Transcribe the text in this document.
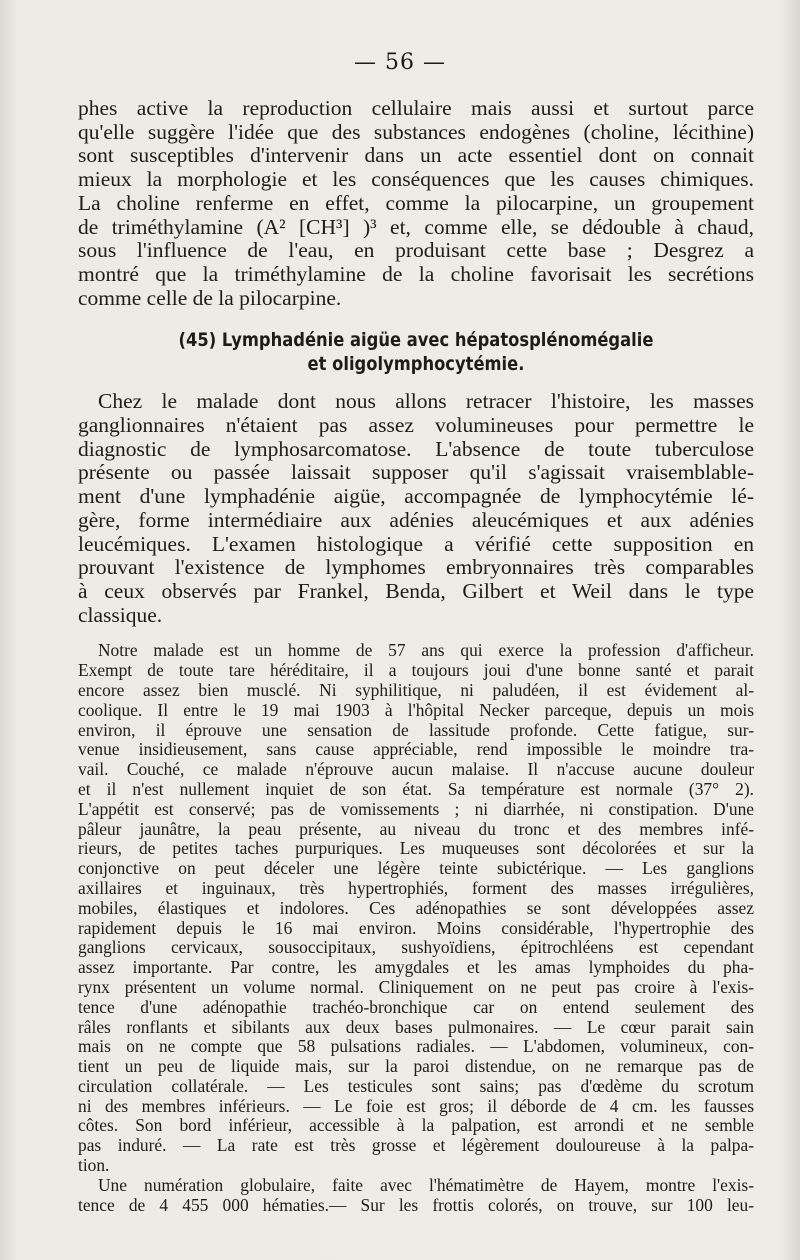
— 56 —
phes active la reproduction cellulaire mais aussi et surtout parce
qu'elle suggère l'idée que des substances endogènes (choline, lécithine)
sont susceptibles d'intervenir dans un acte essentiel dont on connait
mieux la morphologie et les conséquences que les causes chimiques.
La choline renferme en effet, comme la pilocarpine, un groupement
de triméthylamine (A² [CH³] )³ et, comme elle, se dédouble à chaud,
sous l'influence de l'eau, en produisant cette base ; Desgrez a
montré que la triméthylamine de la choline favorisait les secrétions
comme celle de la pilocarpine.
(45) Lymphadénie aigüe avec hépatosplénomégalie
et oligolymphocytémie.
Chez le malade dont nous allons retracer l'histoire, les masses
ganglionnaires n'étaient pas assez volumineuses pour permettre le
diagnostic de lymphosarcomatose. L'absence de toute tuberculose
présente ou passée laissait supposer qu'il s'agissait vraisemblable-
ment d'une lymphadénie aigüe, accompagnée de lymphocytémie lé-
gère, forme intermédiaire aux adénies aleucémiques et aux adénies
leucémiques. L'examen histologique a vérifié cette supposition en
prouvant l'existence de lymphomes embryonnaires très comparables
à ceux observés par Frankel, Benda, Gilbert et Weil dans le type
classique.
Notre malade est un homme de 57 ans qui exerce la profession d'afficheur.
Exempt de toute tare héréditaire, il a toujours joui d'une bonne santé et parait
encore assez bien musclé. Ni syphilitique, ni paludéen, il est évidement al-
coolique. Il entre le 19 mai 1903 à l'hôpital Necker parceque, depuis un mois
environ, il éprouve une sensation de lassitude profonde. Cette fatigue, sur-
venue insidieusement, sans cause appréciable, rend impossible le moindre tra-
vail. Couché, ce malade n'éprouve aucun malaise. Il n'accuse aucune douleur
et il n'est nullement inquiet de son état. Sa température est normale (37° 2).
L'appétit est conservé; pas de vomissements ; ni diarrhée, ni constipation. D'une
pâleur jaunâtre, la peau présente, au niveau du tronc et des membres infé-
rieurs, de petites taches purpuriques. Les muqueuses sont décolorées et sur la
conjonctive on peut déceler une légère teinte subictérique. — Les ganglions
axillaires et inguinaux, très hypertrophiés, forment des masses irrégulières,
mobiles, élastiques et indolores. Ces adénopathies se sont développées assez
rapidement depuis le 16 mai environ. Moins considérable, l'hypertrophie des
ganglions cervicaux, sousoccipitaux, sushyoïdiens, épitrochléens est cependant
assez importante. Par contre, les amygdales et les amas lymphoides du pha-
rynx présentent un volume normal. Cliniquement on ne peut pas croire à l'exis-
tence d'une adénopathie trachéo-bronchique car on entend seulement des
râles ronflants et sibilants aux deux bases pulmonaires. — Le cœur parait sain
mais on ne compte que 58 pulsations radiales. — L'abdomen, volumineux, con-
tient un peu de liquide mais, sur la paroi distendue, on ne remarque pas de
circulation collatérale. — Les testicules sont sains; pas d'œdème du scrotum
ni des membres inférieurs. — Le foie est gros; il déborde de 4 cm. les fausses
côtes. Son bord inférieur, accessible à la palpation, est arrondi et ne semble
pas induré. — La rate est très grosse et légèrement douloureuse à la palpa-
tion.
Une numération globulaire, faite avec l'hématimètre de Hayem, montre l'exis-
tence de 4 455 000 hématies.— Sur les frottis colorés, on trouve, sur 100 leu-
